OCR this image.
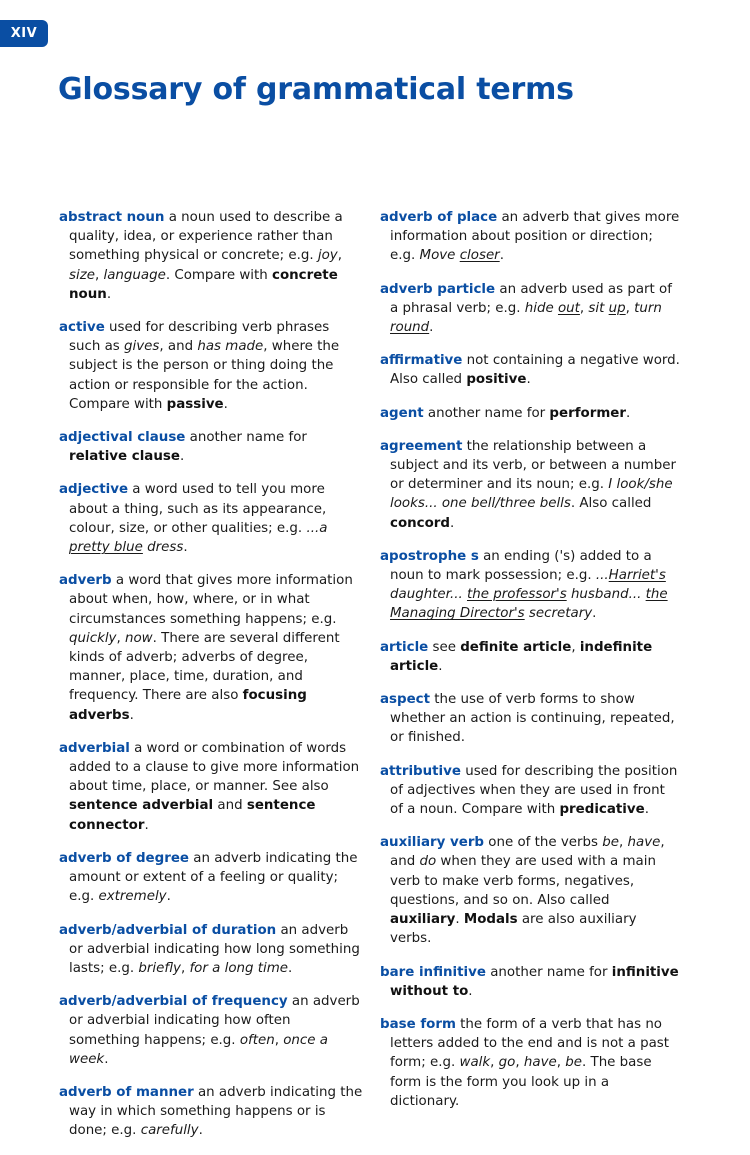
XIV
Glossary of grammatical terms

abstract noun a noun used to describe a quality, idea, or experience rather than something physical or concrete; e.g. joy, size, language. Compare with concrete noun.

active used for describing verb phrases such as gives, and has made, where the subject is the person or thing doing the action or responsible for the action. Compare with passive.

adjectival clause another name for relative clause.

adjective a word used to tell you more about a thing, such as its appearance, colour, size, or other qualities; e.g. ...a pretty blue dress.

adverb a word that gives more information about when, how, where, or in what circumstances something happens; e.g. quickly, now. There are several different kinds of adverb; adverbs of degree, manner, place, time, duration, and frequency. There are also focusing adverbs.

adverbial a word or combination of words added to a clause to give more information about time, place, or manner. See also sentence adverbial and sentence connector.

adverb of degree an adverb indicating the amount or extent of a feeling or quality; e.g. extremely.

adverb/adverbial of duration an adverb or adverbial indicating how long something lasts; e.g. briefly, for a long time.

adverb/adverbial of frequency an adverb or adverbial indicating how often something happens; e.g. often, once a week.

adverb of manner an adverb indicating the way in which something happens or is done; e.g. carefully.

adverb of place an adverb that gives more information about position or direction; e.g. Move closer.

adverb particle an adverb used as part of a phrasal verb; e.g. hide out, sit up, turn round.

affirmative not containing a negative word. Also called positive.

agent another name for performer.

agreement the relationship between a subject and its verb, or between a number or determiner and its noun; e.g. I look/she looks... one bell/three bells. Also called concord.

apostrophe s an ending ('s) added to a noun to mark possession; e.g. ...Harriet's daughter... the professor's husband... the Managing Director's secretary.

article see definite article, indefinite article.

aspect the use of verb forms to show whether an action is continuing, repeated, or finished.

attributive used for describing the position of adjectives when they are used in front of a noun. Compare with predicative.

auxiliary verb one of the verbs be, have, and do when they are used with a main verb to make verb forms, negatives, questions, and so on. Also called auxiliary. Modals are also auxiliary verbs.

bare infinitive another name for infinitive without to.

base form the form of a verb that has no letters added to the end and is not a past form; e.g. walk, go, have, be. The base form is the form you look up in a dictionary.
